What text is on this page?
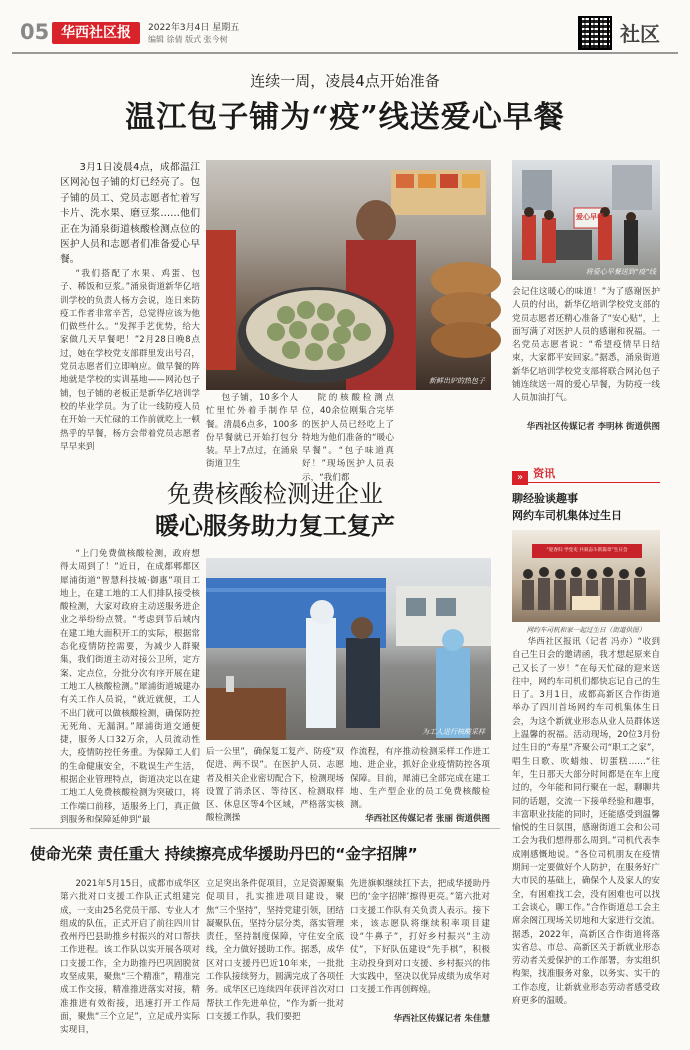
05 华西社区报	2022年3月4日 星期五
编辑 徐倩 版式 张今树	社区
连续一周，凌晨4点开始准备
温江包子铺为“疫”线送爱心早餐
3月1日凌晨4点，成都温江区网沁包子铺的灯已经亮了。包子铺的员工、党员志愿者忙着写卡片、洗水果、磨豆浆……他们正在为涌泉街道核酸检测点位的医护人员和志愿者们准备爱心早餐。
“我们搭配了水果、鸡蛋、包子、稀饭和豆浆。”涌泉街道新华亿培训学校的负责人杨方会说，连日来防疫工作者非常辛苦，总觉得应该为他们做些什么。“发挥手艺优势，给大家做几天早餐吧！”2月28日晚8点过，她在学校党支部群里发出号召，党员志愿者们立即响应。做早餐的阵地就是学校的实训基地——网沁包子铺，包子铺的老板正是新华亿培训学校的毕业学员。为了让一线防疫人员在开始一天忙碌的工作前就吃上一顿热乎的早餐，杨方会带着党员志愿者早早来到
新鲜出炉的热包子
包子铺，10多个人忙里忙外着手制作早餐。清晨6点多，100多份早餐就已开始打包分装。早上7点过，在涌泉街道卫生
院的核酸检测点位，40余位刚集合完毕的医护人员已经吃上了特地为他们准备的“暖心早餐”。“包子味道真好！”现场医护人员表示，“我们都
爱心早餐
将爱心早餐送到“疫”线
会记住这暖心的味道！”为了感谢医护人员的付出，新华亿培训学校党支部的党员志愿者还精心准备了“安心贴”，上面写满了对医护人员的感谢和祝福。一名党员志愿者说：“希望疫情早日结束，大家都平安回家。”据悉，涌泉街道新华亿培训学校党支部将联合网沁包子铺连续送一周的爱心早餐，为防疫一线人员加油打气。
华西社区传媒记者 李明林 街道供图
免费核酸检测进企业
暖心服务助力复工复产
“上门免费做核酸检测，政府想得太周到了！”近日，在成都郫都区犀浦街道“智慧科技城·御惠”项目工地上，在建工地的工人们排队接受核酸检测，大家对政府主动送服务进企业之举纷纷点赞。“考虑到节后域内在建工地大面积开工的实际，根据常态化疫情防控需要，为减少人群聚集，我们街道主动对接公卫所，定方案、定点位，分批分次有序开展在建工地工人核酸检测。”犀浦街道城建办有关工作人员说，“就近就便，工人不出门就可以做核酸检测，确保防控无死角、无漏洞。”犀浦街道交通便捷，服务人口32万余，人员流动性大，疫情防控任务重。为保障工人们的生命健康安全，不耽误生产生活，根据企业管理特点，街道决定以在建工地工人免费核酸检测为突破口，将工作端口前移，适服务上门，真正做到服务和保障延伸到“最
为工人进行核酸采样
后一公里”，确保复工复产、防疫“双促进、两不误”。在医护人员、志愿者及相关企业密切配合下，检测现场设置了消杀区、等待区、检测取样区、休息区等4个区域，严格落实核酸检测操
作流程，有序推动检测采样工作进工地、进企业，抓好企业疫情防控各项保障。目前，犀浦已全部完成在建工地、生产型企业的员工免费核酸检测。
华西社区传媒记者 张丽 街道供图
» $^{资讯}$
聊经验谈趣事
网约车司机集体过生日
“迎春归 学党史 共叙奋斗新篇章”生日会
网约车司机和家一起过生日（街道供图）
华西社区报讯（记者 冯亦）“收到自己生日会的邀请函，我才想起原来自己又长了一岁！”在每天忙碌的迎来送往中，网约车司机们都快忘记自己的生日了。3月1日，成都高新区合作街道举办了四川首场网约车司机集体生日会，为这个新就业形态从业人员群体送上温馨的祝福。活动现场，20位3月份过生日的“寿星”齐聚公司“职工之家”，唱生日歌、吹蜡烛、切蛋糕……“往年，生日那天大部分时间都是在车上度过的，今年能和同行聚在一起，聊聊共同的话题，交流一下接单经验和趣事，丰富职业技能的同时，还能感受到温馨愉悦的生日氛围，感谢街道工会和公司工会为我们想得那么周到。”司机代表李成刚感慨地说。“各位司机朋友在疫情期间一定要做好个人防护，在服务好广大市民的基础上，确保个人及家人的安全，有困难找工会，没有困难也可以找工会谈心，聊工作。”合作街道总工会主席余阁江现场关切地和大家进行交流。据悉，2022年，高新区合作街道将落实省总、市总、高新区关于新就业形态劳动者关爱保护的工作部署，夯实组织构架，找准服务对象，以务实、实干的工作态度，让新就业形态劳动者感受政府更多的温暖。
使命光荣 责任重大 持续擦亮成华援助丹巴的“金字招牌”
2021年5月15日，成都市成华区第六批对口支援工作队正式组建完成，一支由25名党员干部、专业人才组成的队伍，正式开启了前往四川甘孜州丹巴县助推乡村振兴的对口帮扶工作进程。该工作队以实开展各项对口支援工作，全力助推丹巴巩固脱贫攻坚成果，聚焦“三个精准”，精准完成工作交接，精准推进落实对接，精准推进有效衔接，迅速打开工作局面，聚焦“三个立足”，立足成丹实际实现目，
立足突出条件促项目，立足资源聚集促项目，扎实推进项目建设，聚焦“三个坚持”，坚持党建引领，团结凝聚队伍，坚持分层分类，落实管理责任，坚持制度保障，守住安全底线，全力做好援助工作。据悉，成华区对口支援丹巴近10年来，一批批工作队接续努力，圆满完成了各项任务。成华区已连续四年获评首次对口帮扶工作先进单位，“作为新一批对口支援工作队，我们要把
先进旗帜继续扛下去，把成华援助丹巴的‘金字招牌’擦得更亮。”第六批对口支援工作队有关负责人表示。接下来，该志愿队将继续积率项目建设“牛鼻子”，打好乡村振兴“主动仗”，下好队伍建设“先手棋”，积极主动投身到对口支援、乡村振兴的伟大实践中，坚决以优异成绩为成华对口支援工作再创辉煌。
华西社区传媒记者 朱佳慧
